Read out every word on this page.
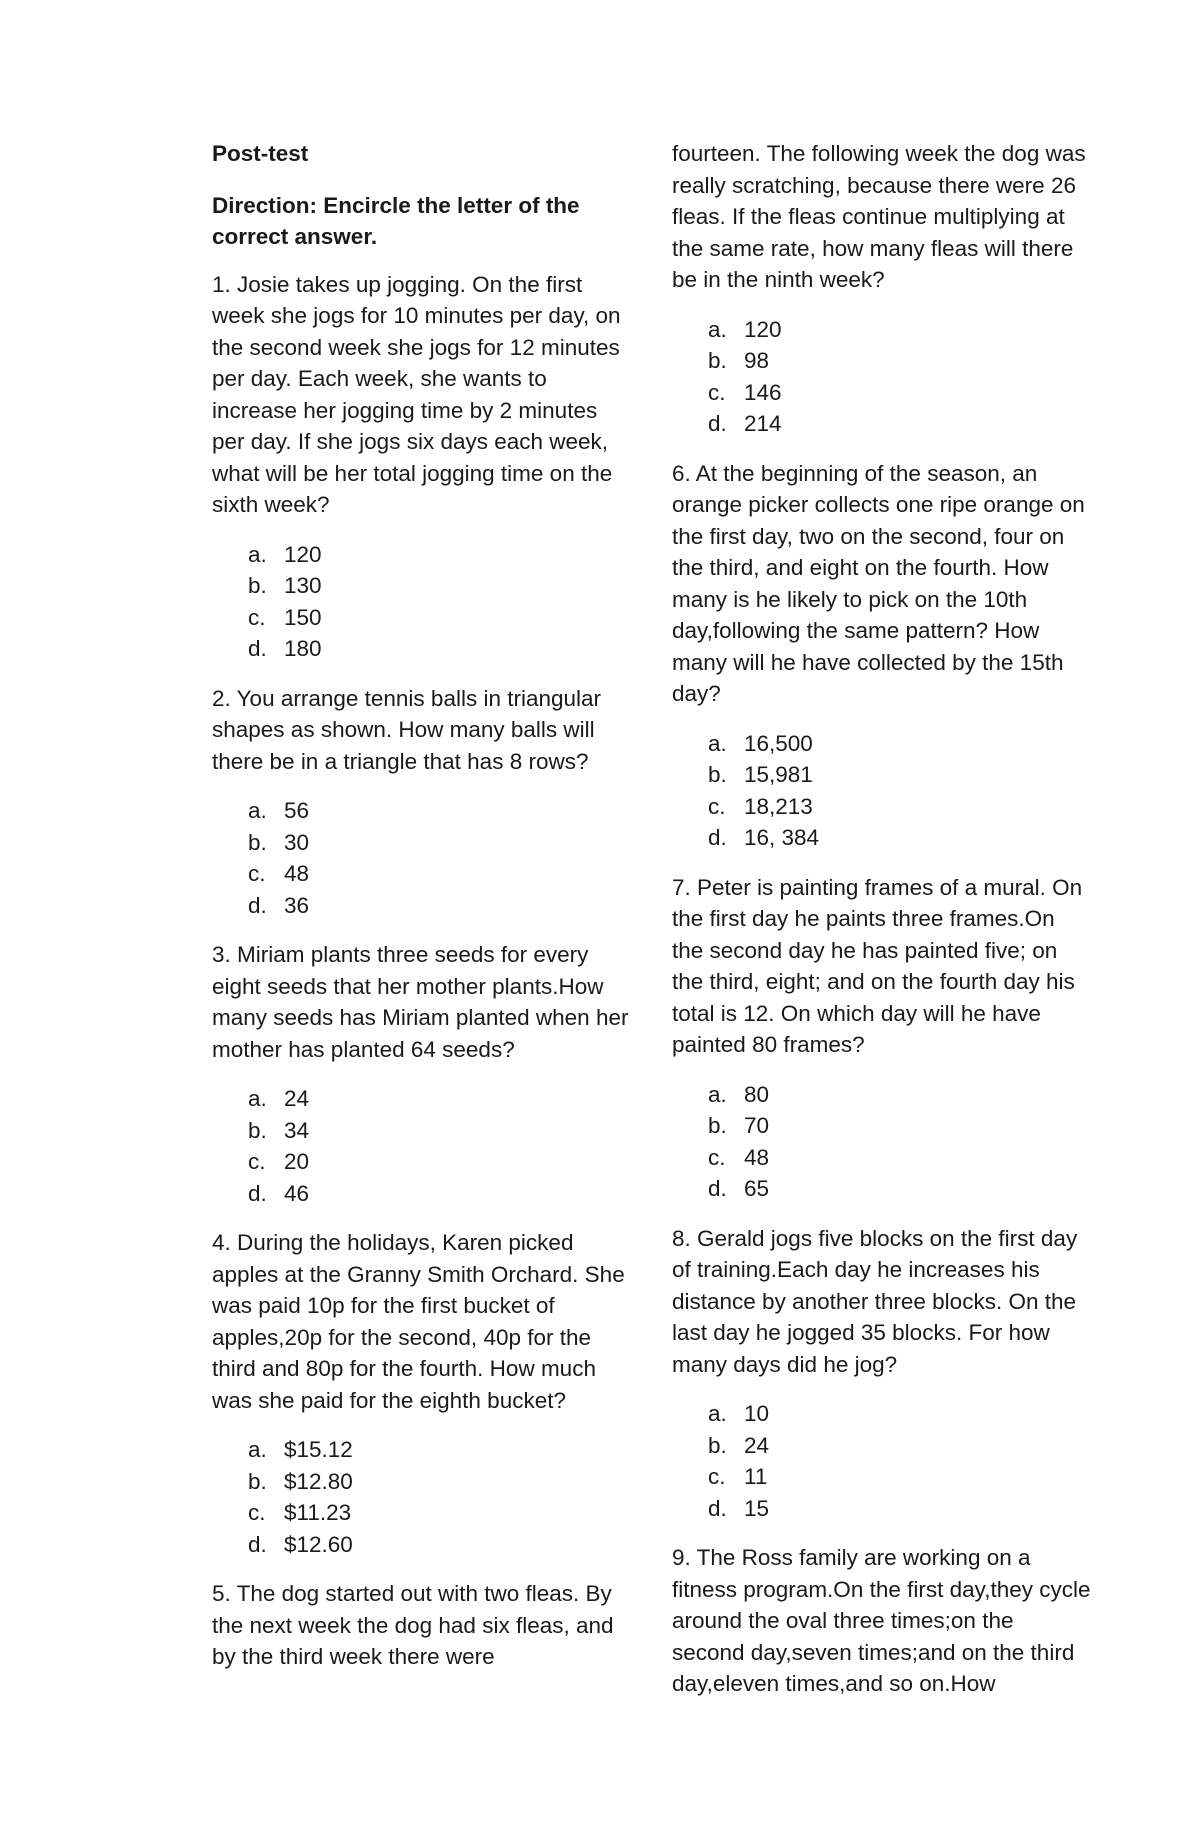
Post-test

Direction: Encircle the letter of the correct answer.

1. Josie takes up jogging. On the first week she jogs for 10 minutes per day, on the second week she jogs for 12 minutes per day. Each week, she wants to increase her jogging time by 2 minutes per day. If she jogs six days each week, what will be her total jogging time on the sixth week?

a. 120
b. 130
c. 150
d. 180

2. You arrange tennis balls in triangular shapes as shown. How many balls will there be in a triangle that has 8 rows?

a. 56
b. 30
c. 48
d. 36

3. Miriam plants three seeds for every eight seeds that her mother plants.How many seeds has Miriam planted when her mother has planted 64 seeds?

a. 24
b. 34
c. 20
d. 46

4. During the holidays, Karen picked apples at the Granny Smith Orchard. She was paid 10p for the first bucket of apples,20p for the second, 40p for the third and 80p for the fourth. How much was she paid for the eighth bucket?

a. $15.12
b. $12.80
c. $11.23
d. $12.60

5. The dog started out with two fleas. By the next week the dog had six fleas, and by the third week there were

fourteen. The following week the dog was really scratching, because there were 26 fleas. If the fleas continue multiplying at the same rate, how many fleas will there be in the ninth week?

a. 120
b. 98
c. 146
d. 214

6. At the beginning of the season, an orange picker collects one ripe orange on the first day, two on the second, four on the third, and eight on the fourth. How many is he likely to pick on the 10th day,following the same pattern? How many will he have collected by the 15th day?

a. 16,500
b. 15,981
c. 18,213
d. 16, 384

7. Peter is painting frames of a mural. On the first day he paints three frames.On the second day he has painted five; on the third, eight; and on the fourth day his total is 12. On which day will he have painted 80 frames?

a. 80
b. 70
c. 48
d. 65

8. Gerald jogs five blocks on the first day of training.Each day he increases his distance by another three blocks. On the last day he jogged 35 blocks. For how many days did he jog?

a. 10
b. 24
c. 11
d. 15

9. The Ross family are working on a fitness program.On the first day,they cycle around the oval three times;on the second day,seven times;and on the third day,eleven times,and so on.How
